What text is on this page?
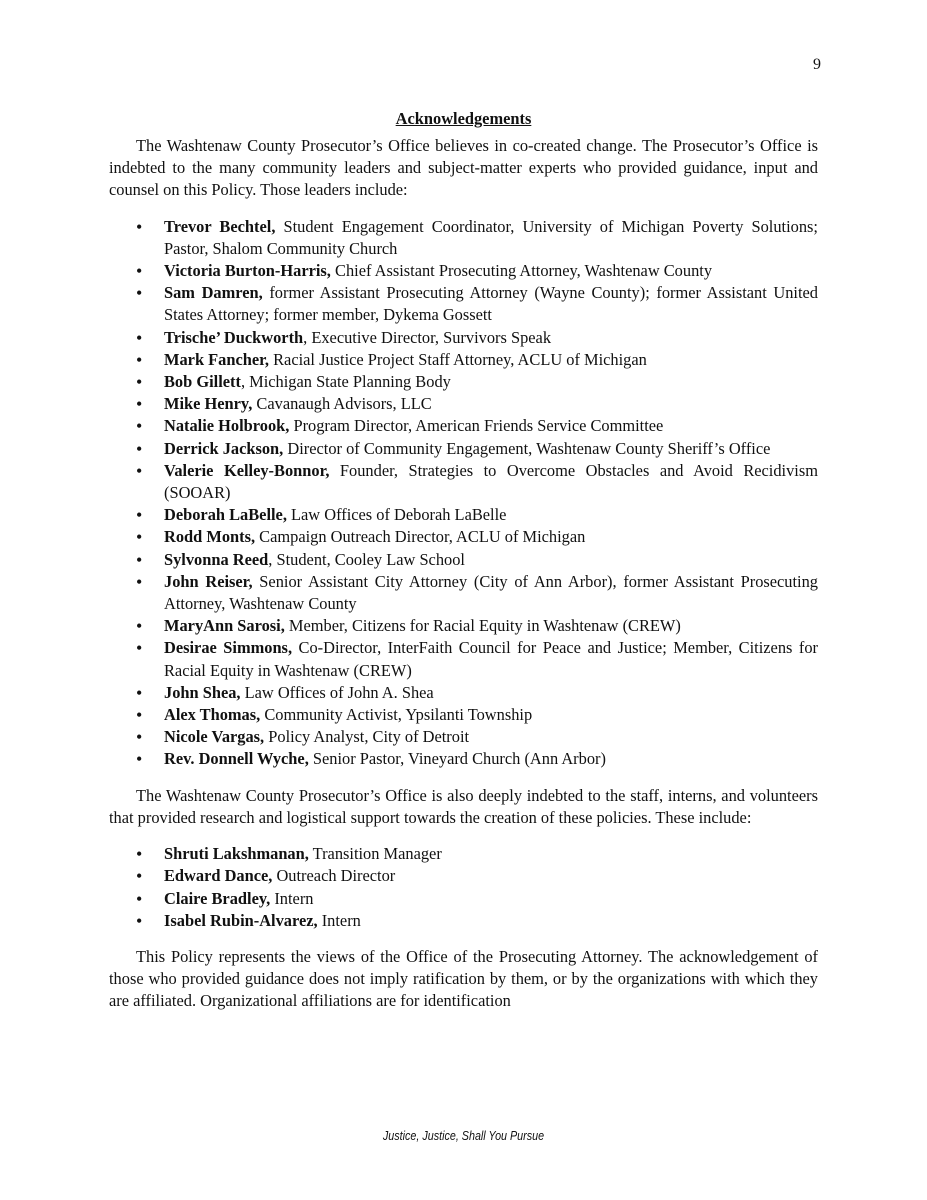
9
Acknowledgements

The Washtenaw County Prosecutor’s Office believes in co-created change. The Prosecutor’s Office is indebted to the many community leaders and subject-matter experts who provided guidance, input and counsel on this Policy. Those leaders include:

• Trevor Bechtel, Student Engagement Coordinator, University of Michigan Poverty Solutions; Pastor, Shalom Community Church
• Victoria Burton-Harris, Chief Assistant Prosecuting Attorney, Washtenaw County
• Sam Damren, former Assistant Prosecuting Attorney (Wayne County); former Assistant United States Attorney; former member, Dykema Gossett
• Trische’ Duckworth, Executive Director, Survivors Speak
• Mark Fancher, Racial Justice Project Staff Attorney, ACLU of Michigan
• Bob Gillett, Michigan State Planning Body
• Mike Henry, Cavanaugh Advisors, LLC
• Natalie Holbrook, Program Director, American Friends Service Committee
• Derrick Jackson, Director of Community Engagement, Washtenaw County Sheriff’s Office
• Valerie Kelley-Bonnor, Founder, Strategies to Overcome Obstacles and Avoid Recidivism (SOOAR)
• Deborah LaBelle, Law Offices of Deborah LaBelle
• Rodd Monts, Campaign Outreach Director, ACLU of Michigan
• Sylvonna Reed, Student, Cooley Law School
• John Reiser, Senior Assistant City Attorney (City of Ann Arbor), former Assistant Prosecuting Attorney, Washtenaw County
• MaryAnn Sarosi, Member, Citizens for Racial Equity in Washtenaw (CREW)
• Desirae Simmons, Co-Director, InterFaith Council for Peace and Justice; Member, Citizens for Racial Equity in Washtenaw (CREW)
• John Shea, Law Offices of John A. Shea
• Alex Thomas, Community Activist, Ypsilanti Township
• Nicole Vargas, Policy Analyst, City of Detroit
• Rev. Donnell Wyche, Senior Pastor, Vineyard Church (Ann Arbor)

The Washtenaw County Prosecutor’s Office is also deeply indebted to the staff, interns, and volunteers that provided research and logistical support towards the creation of these policies. These include:

• Shruti Lakshmanan, Transition Manager
• Edward Dance, Outreach Director
• Claire Bradley, Intern
• Isabel Rubin-Alvarez, Intern

This Policy represents the views of the Office of the Prosecuting Attorney. The acknowledgement of those who provided guidance does not imply ratification by them, or by the organizations with which they are affiliated. Organizational affiliations are for identification

Justice, Justice, Shall You Pursue
